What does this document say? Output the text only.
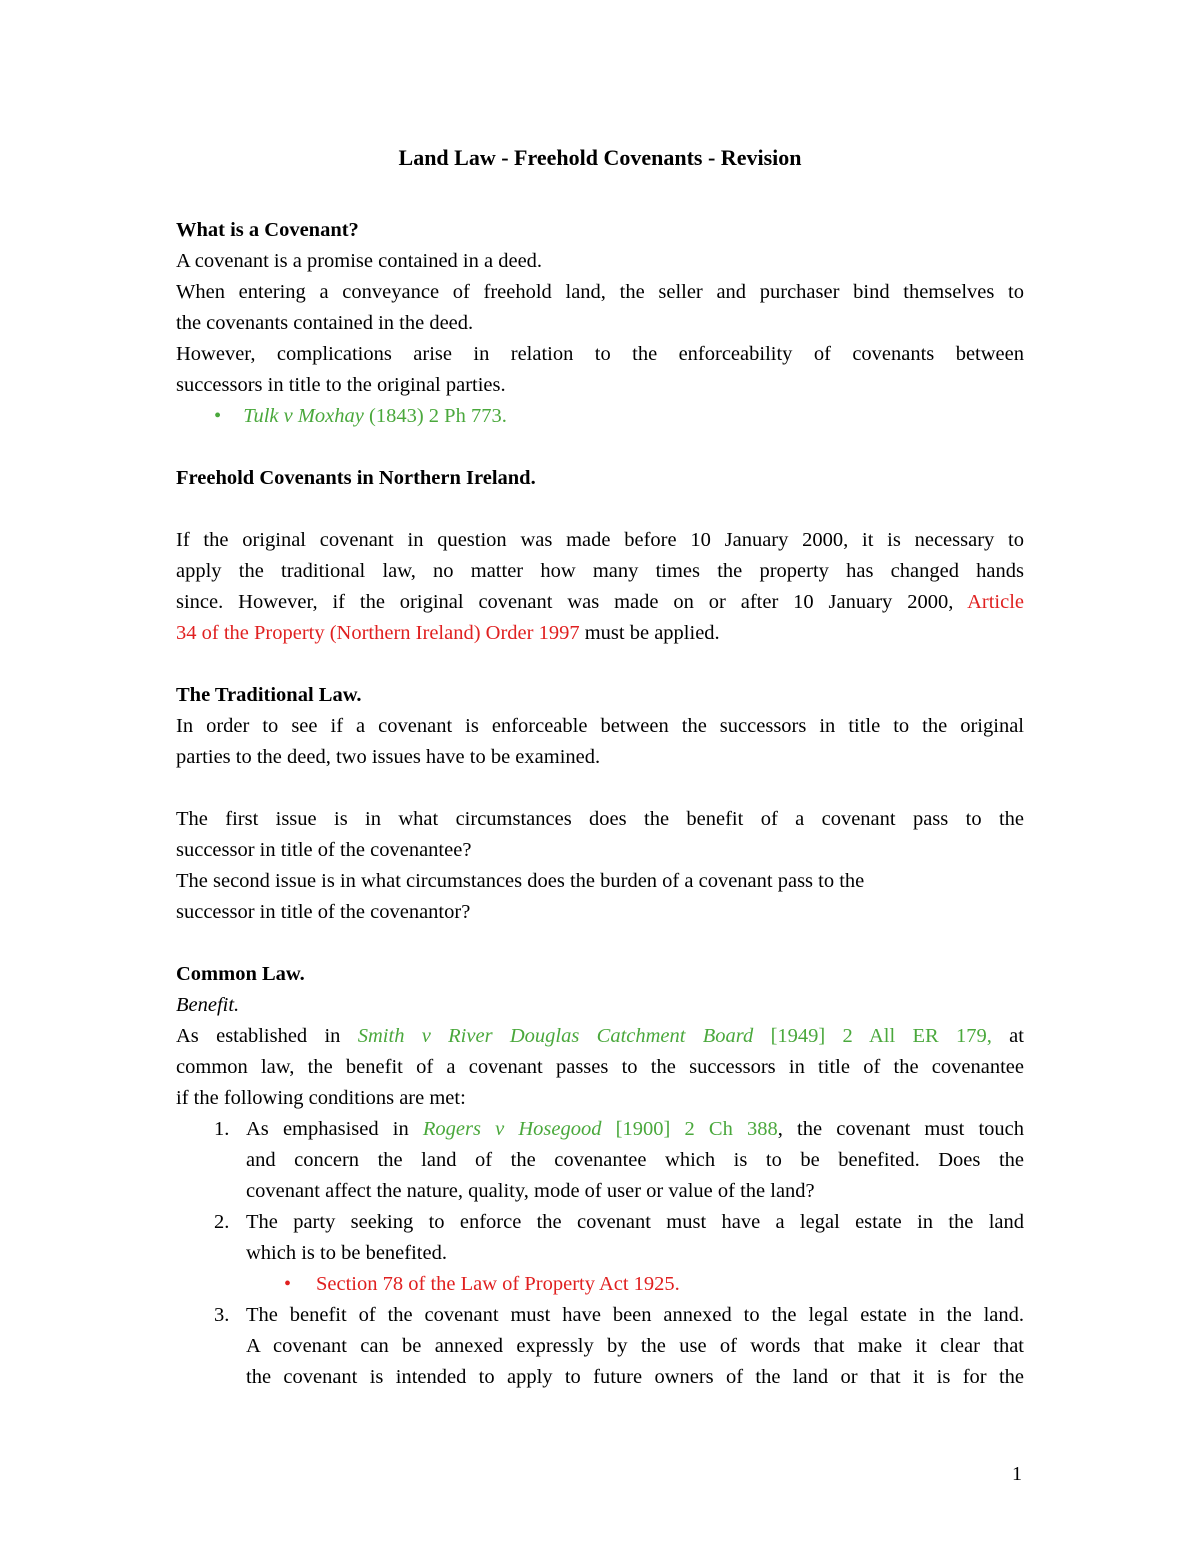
Land Law - Freehold Covenants - Revision
What is a Covenant?
A covenant is a promise contained in a deed.
When entering a conveyance of freehold land, the seller and purchaser bind themselves to
the covenants contained in the deed.
However, complications arise in relation to the enforceability of covenants between
successors in title to the original parties.
• Tulk v Moxhay (1843) 2 Ph 773.
Freehold Covenants in Northern Ireland.
If the original covenant in question was made before 10 January 2000, it is necessary to
apply the traditional law, no matter how many times the property has changed hands
since. However, if the original covenant was made on or after 10 January 2000, Article
34 of the Property (Northern Ireland) Order 1997 must be applied.
The Traditional Law.
In order to see if a covenant is enforceable between the successors in title to the original
parties to the deed, two issues have to be examined.
The first issue is in what circumstances does the benefit of a covenant pass to the
successor in title of the covenantee?
The second issue is in what circumstances does the burden of a covenant pass to the
successor in title of the covenantor?
Common Law.
Benefit.
As established in Smith v River Douglas Catchment Board [1949] 2 All ER 179, at
common law, the benefit of a covenant passes to the successors in title of the covenantee
if the following conditions are met:
1. As emphasised in Rogers v Hosegood [1900] 2 Ch 388, the covenant must touch
and concern the land of the covenantee which is to be benefited. Does the
covenant affect the nature, quality, mode of user or value of the land?
2. The party seeking to enforce the covenant must have a legal estate in the land
which is to be benefited.
• Section 78 of the Law of Property Act 1925.
3. The benefit of the covenant must have been annexed to the legal estate in the land.
A covenant can be annexed expressly by the use of words that make it clear that
the covenant is intended to apply to future owners of the land or that it is for the
1
